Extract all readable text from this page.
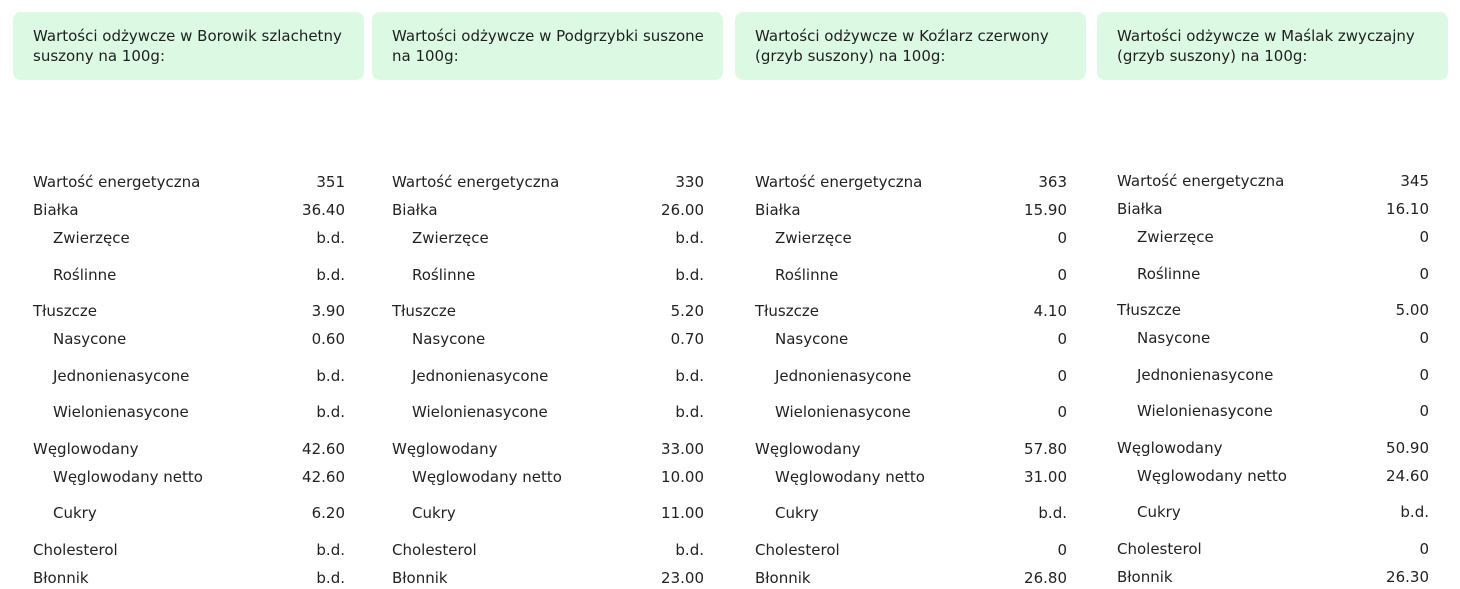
Wartości odżywcze w Borowik szlachetny suszony na 100g:
Wartość energetyczna	351
Białka	36.40
Zwierzęce	b.d.
Roślinne	b.d.
Tłuszcze	3.90
Nasycone	0.60
Jednonienasycone	b.d.
Wielonienasycone	b.d.
Węglowodany	42.60
Węglowodany netto	42.60
Cukry	6.20
Cholesterol	b.d.
Błonnik	b.d.
Wartości odżywcze w Podgrzybki suszone na 100g:
Wartość energetyczna	330
Białka	26.00
Zwierzęce	b.d.
Roślinne	b.d.
Tłuszcze	5.20
Nasycone	0.70
Jednonienasycone	b.d.
Wielonienasycone	b.d.
Węglowodany	33.00
Węglowodany netto	10.00
Cukry	11.00
Cholesterol	b.d.
Błonnik	23.00
Wartości odżywcze w Koźlarz czerwony (grzyb suszony) na 100g:
Wartość energetyczna	363
Białka	15.90
Zwierzęce	0
Roślinne	0
Tłuszcze	4.10
Nasycone	0
Jednonienasycone	0
Wielonienasycone	0
Węglowodany	57.80
Węglowodany netto	31.00
Cukry	b.d.
Cholesterol	0
Błonnik	26.80
Wartości odżywcze w Maślak zwyczajny (grzyb suszony) na 100g:
Wartość energetyczna	345
Białka	16.10
Zwierzęce	0
Roślinne	0
Tłuszcze	5.00
Nasycone	0
Jednonienasycone	0
Wielonienasycone	0
Węglowodany	50.90
Węglowodany netto	24.60
Cukry	b.d.
Cholesterol	0
Błonnik	26.30
